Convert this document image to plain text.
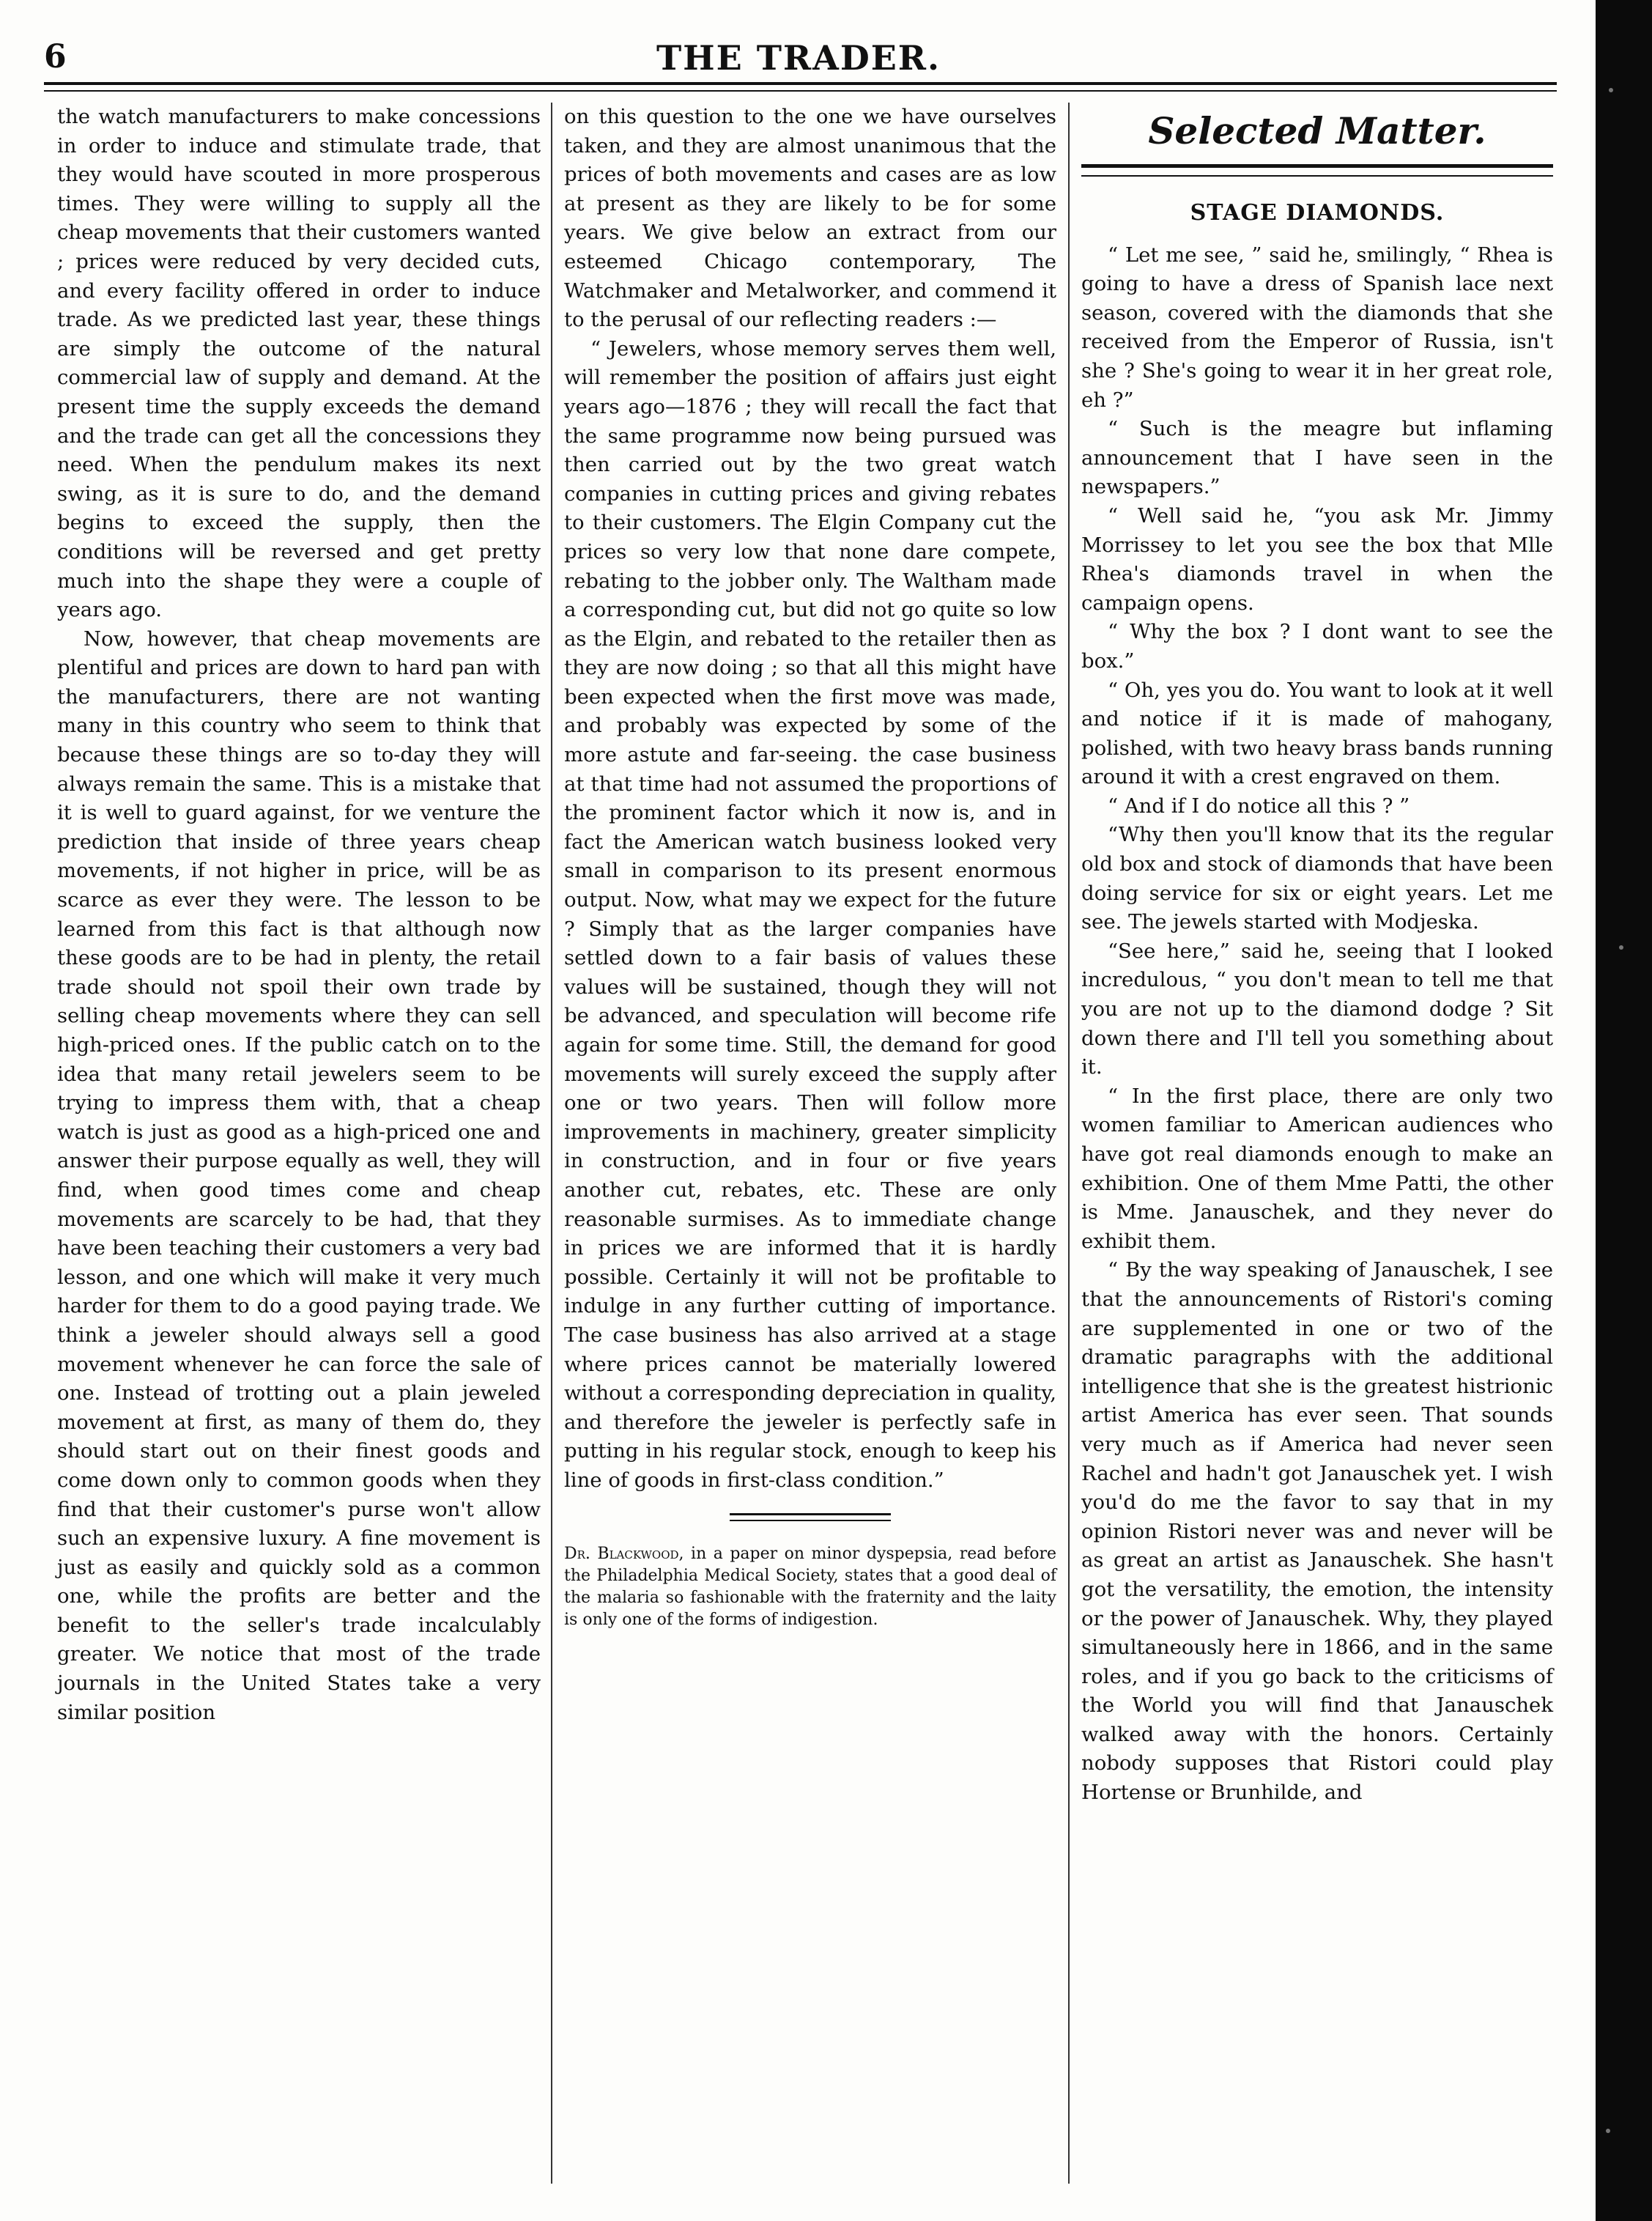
6	THE TRADER.

the watch manufacturers to make concessions in order to induce and stimulate trade, that they would have scouted in more prosperous times. They were willing to supply all the cheap movements that their customers wanted ; prices were reduced by very decided cuts, and every facility offered in order to induce trade. As we predicted last year, these things are simply the outcome of the natural commercial law of supply and demand. At the present time the supply exceeds the demand and the trade can get all the concessions they need. When the pendulum makes its next swing, as it is sure to do, and the demand begins to exceed the supply, then the conditions will be reversed and get pretty much into the shape they were a couple of years ago.

Now, however, that cheap movements are plentiful and prices are down to hard pan with the manufacturers, there are not wanting many in this country who seem to think that because these things are so to-day they will always remain the same. This is a mistake that it is well to guard against, for we venture the prediction that inside of three years cheap movements, if not higher in price, will be as scarce as ever they were. The lesson to be learned from this fact is that although now these goods are to be had in plenty, the retail trade should not spoil their own trade by selling cheap movements where they can sell high-priced ones. If the public catch on to the idea that many retail jewelers seem to be trying to impress them with, that a cheap watch is just as good as a high-priced one and answer their purpose equally as well, they will find, when good times come and cheap movements are scarcely to be had, that they have been teaching their customers a very bad lesson, and one which will make it very much harder for them to do a good paying trade. We think a jeweler should always sell a good movement whenever he can force the sale of one. Instead of trotting out a plain jeweled movement at first, as many of them do, they should start out on their finest goods and come down only to common goods when they find that their customer's purse won't allow such an expensive luxury. A fine movement is just as easily and quickly sold as a common one, while the profits are better and the benefit to the seller's trade incalculably greater. We notice that most of the trade journals in the United States take a very similar position

on this question to the one we have ourselves taken, and they are almost unanimous that the prices of both movements and cases are as low at present as they are likely to be for some years. We give below an extract from our esteemed Chicago contemporary, The Watchmaker and Metalworker, and commend it to the perusal of our reflecting readers :—

“ Jewelers, whose memory serves them well, will remember the position of affairs just eight years ago—1876 ; they will recall the fact that the same programme now being pursued was then carried out by the two great watch companies in cutting prices and giving rebates to their customers. The Elgin Company cut the prices so very low that none dare compete, rebating to the jobber only. The Waltham made a corresponding cut, but did not go quite so low as the Elgin, and rebated to the retailer then as they are now doing ; so that all this might have been expected when the first move was made, and probably was expected by some of the more astute and far-seeing. the case business at that time had not assumed the proportions of the prominent factor which it now is, and in fact the American watch business looked very small in comparison to its present enormous output. Now, what may we expect for the future ? Simply that as the larger companies have settled down to a fair basis of values these values will be sustained, though they will not be advanced, and speculation will become rife again for some time. Still, the demand for good movements will surely exceed the supply after one or two years. Then will follow more improvements in machinery, greater simplicity in construction, and in four or five years another cut, rebates, etc. These are only reasonable surmises. As to immediate change in prices we are informed that it is hardly possible. Certainly it will not be profitable to indulge in any further cutting of importance. The case business has also arrived at a stage where prices cannot be materially lowered without a corresponding depreciation in quality, and therefore the jeweler is perfectly safe in putting in his regular stock, enough to keep his line of goods in first-class condition.”

Dr. Blackwood, in a paper on minor dyspepsia, read before the Philadelphia Medical Society, states that a good deal of the malaria so fashionable with the fraternity and the laity is only one of the forms of indigestion.
Selected Matter.
STAGE DIAMONDS.

“ Let me see, ” said he, smilingly, “ Rhea is going to have a dress of Spanish lace next season, covered with the diamonds that she received from the Emperor of Russia, isn't she ? She's going to wear it in her great role, eh ?”

“ Such is the meagre but inflaming announcement that I have seen in the newspapers.”

“ Well said he, “you ask Mr. Jimmy Morrissey to let you see the box that Mlle Rhea's diamonds travel in when the campaign opens.

“ Why the box ? I dont want to see the box.”

“ Oh, yes you do. You want to look at it well and notice if it is made of mahogany, polished, with two heavy brass bands running around it with a crest engraved on them.

“ And if I do notice all this ? ”

“Why then you'll know that its the regular old box and stock of diamonds that have been doing service for six or eight years. Let me see. The jewels started with Modjeska.

“See here,” said he, seeing that I looked incredulous, “ you don't mean to tell me that you are not up to the diamond dodge ? Sit down there and I'll tell you something about it.

“ In the first place, there are only two women familiar to American audiences who have got real diamonds enough to make an exhibition. One of them Mme Patti, the other is Mme. Janauschek, and they never do exhibit them.

“ By the way speaking of Janauschek, I see that the announcements of Ristori's coming are supplemented in one or two of the dramatic paragraphs with the additional intelligence that she is the greatest histrionic artist America has ever seen. That sounds very much as if America had never seen Rachel and hadn't got Janauschek yet. I wish you'd do me the favor to say that in my opinion Ristori never was and never will be as great an artist as Janauschek. She hasn't got the versatility, the emotion, the intensity or the power of Janauschek. Why, they played simultaneously here in 1866, and in the same roles, and if you go back to the criticisms of the World you will find that Janauschek walked away with the honors. Certainly nobody supposes that Ristori could play Hortense or Brunhilde, and
